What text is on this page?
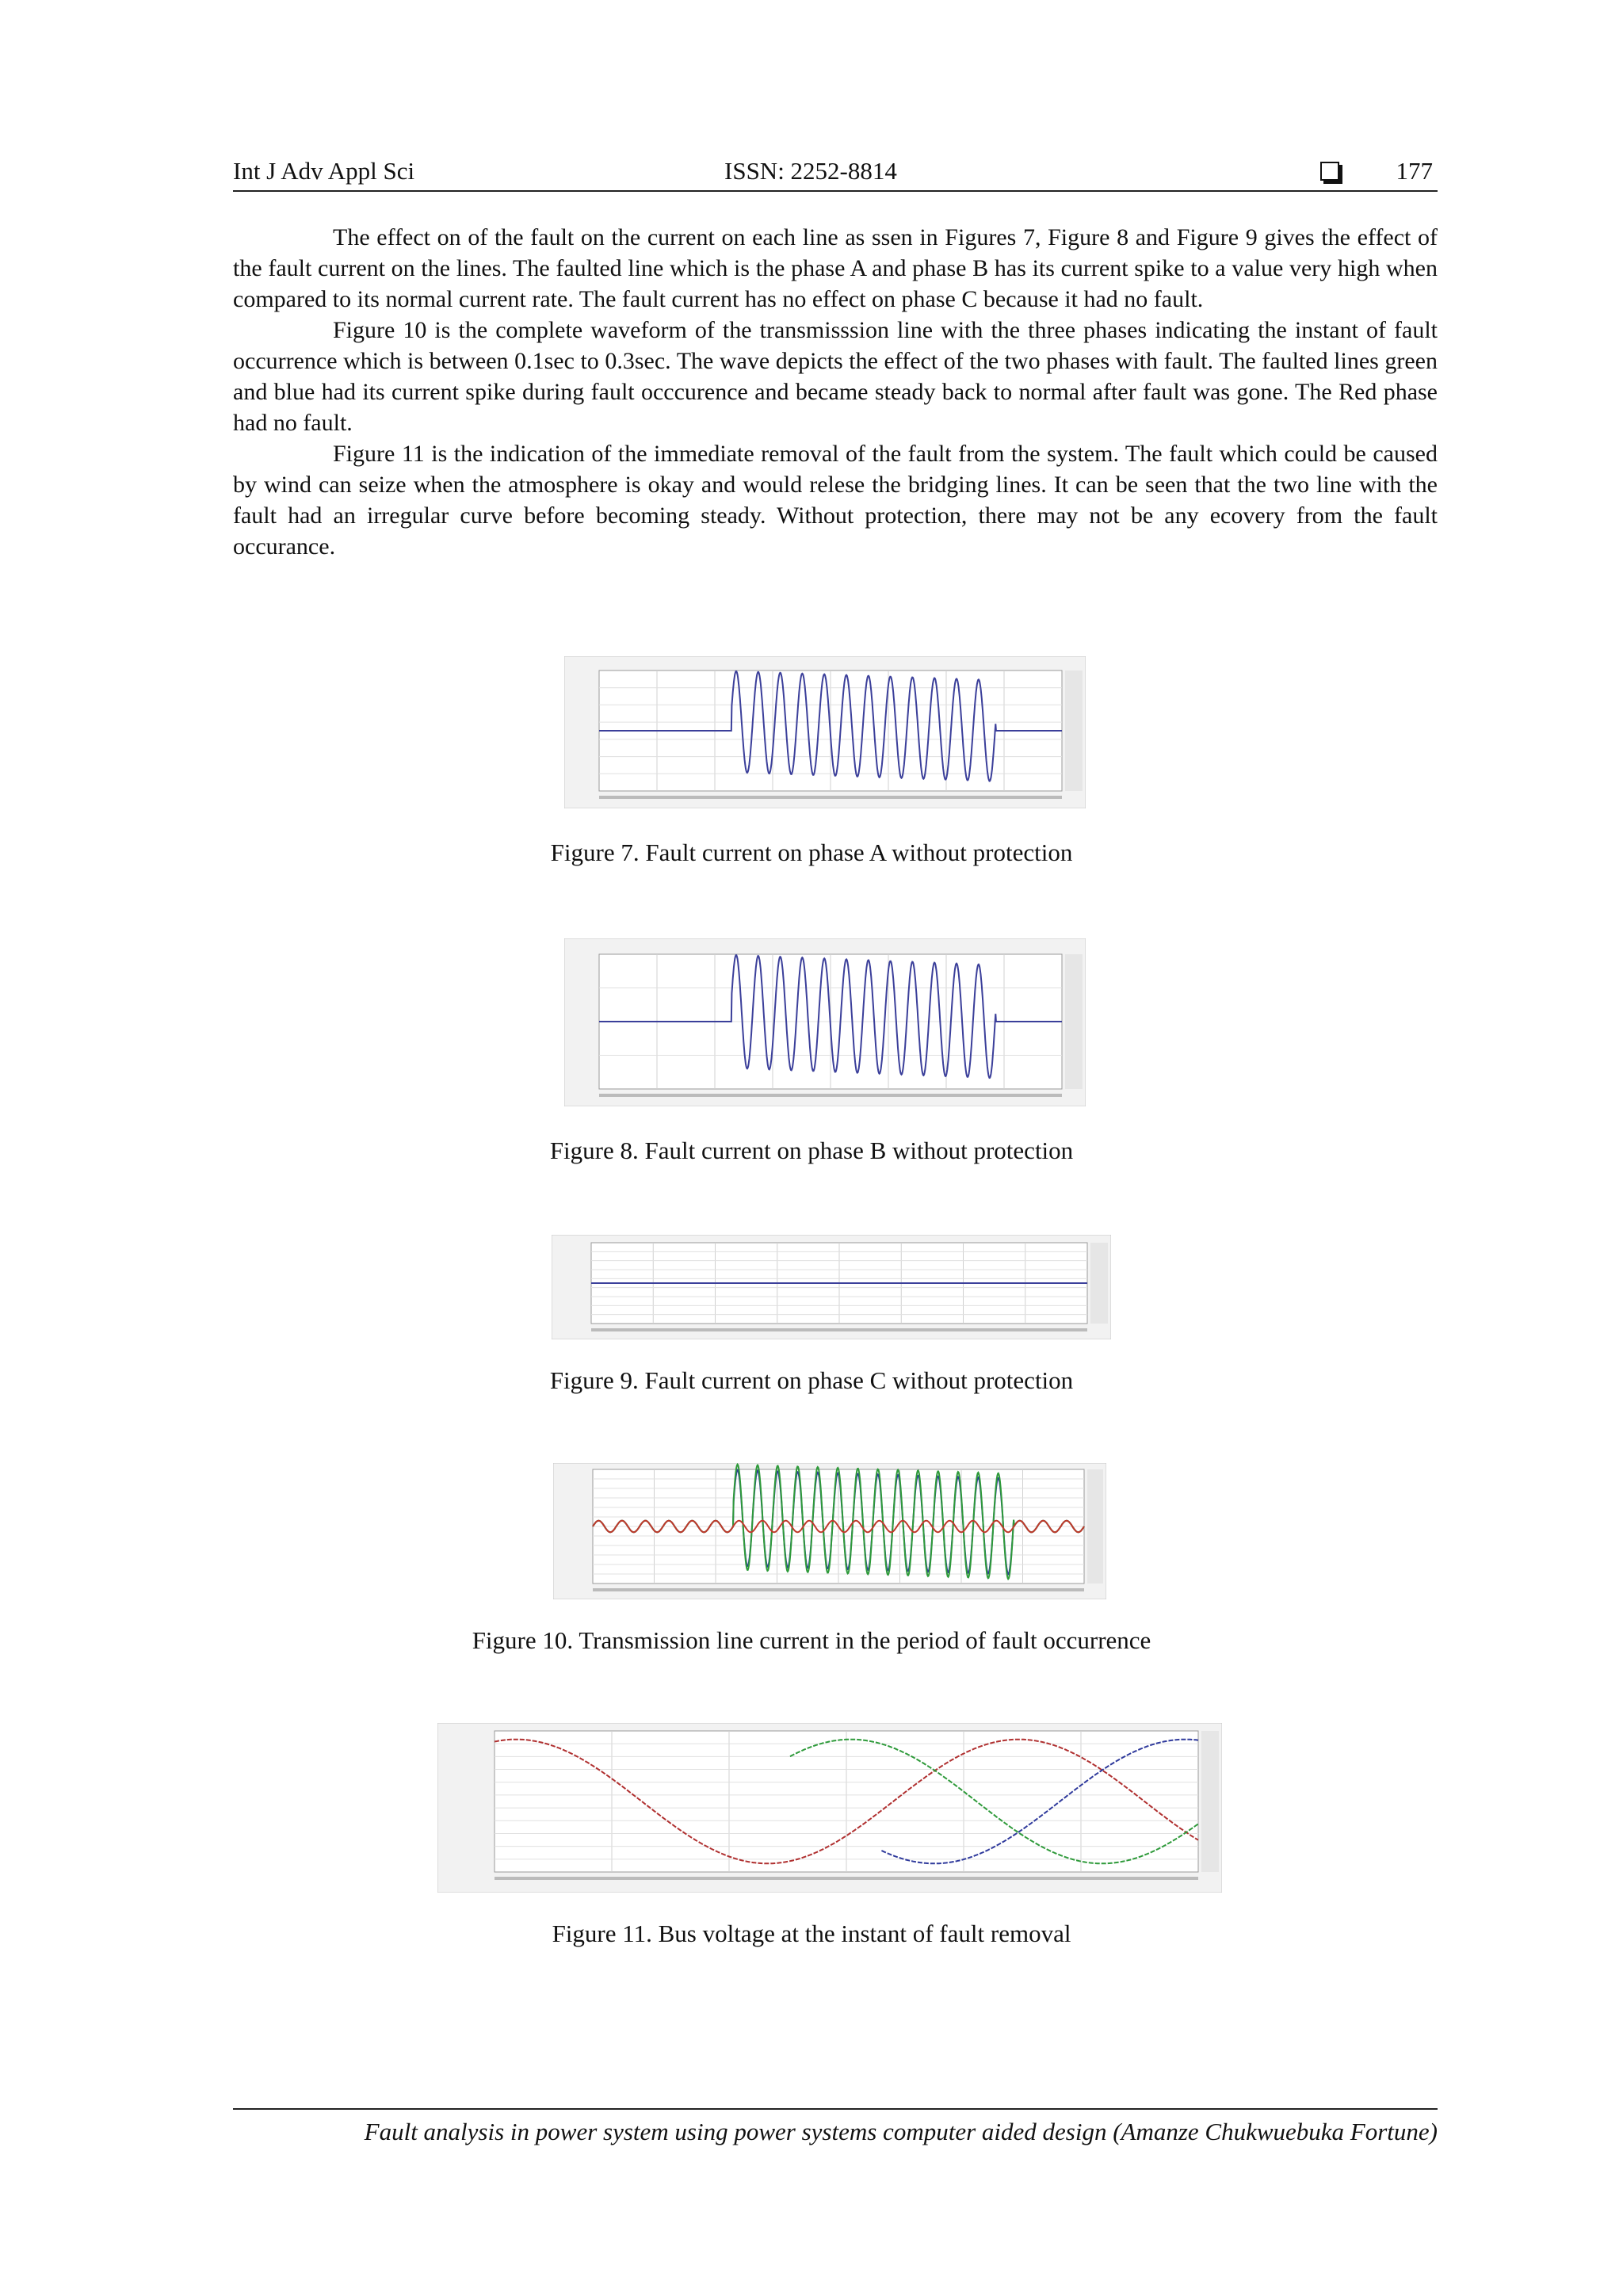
Int J Adv Appl Sci	ISSN: 2252-8814	177

The effect on of the fault on the current on each line as ssen in Figures 7, Figure 8 and Figure 9 gives the effect of the fault current on the lines. The faulted line which is the phase A and phase B has its current spike to a value very high when compared to its normal current rate. The fault current has no effect on phase C because it had no fault.

Figure 10 is the complete waveform of the transmisssion line with the three phases indicating the instant of fault occurrence which is between 0.1sec to 0.3sec. The wave depicts the effect of the two phases with fault. The faulted lines green and blue had its current spike during fault occcurence and became steady back to normal after fault was gone. The Red phase had no fault.

Figure 11 is the indication of the immediate removal of the fault from the system. The fault which could be caused by wind can seize when the atmosphere is okay and would relese the bridging lines. It can be seen that the two line with the fault had an irregular curve before becoming steady. Without protection, there may not be any ecovery from the fault occurance.

Figure 7. Fault current on phase A without protection
Figure 8. Fault current on phase B without protection
Figure 9. Fault current on phase C without protection
Figure 10. Transmission line current in the period of fault occurrence
Figure 11. Bus voltage at the instant of fault removal
Fault analysis in power system using power systems computer aided design (Amanze Chukwuebuka Fortune)
